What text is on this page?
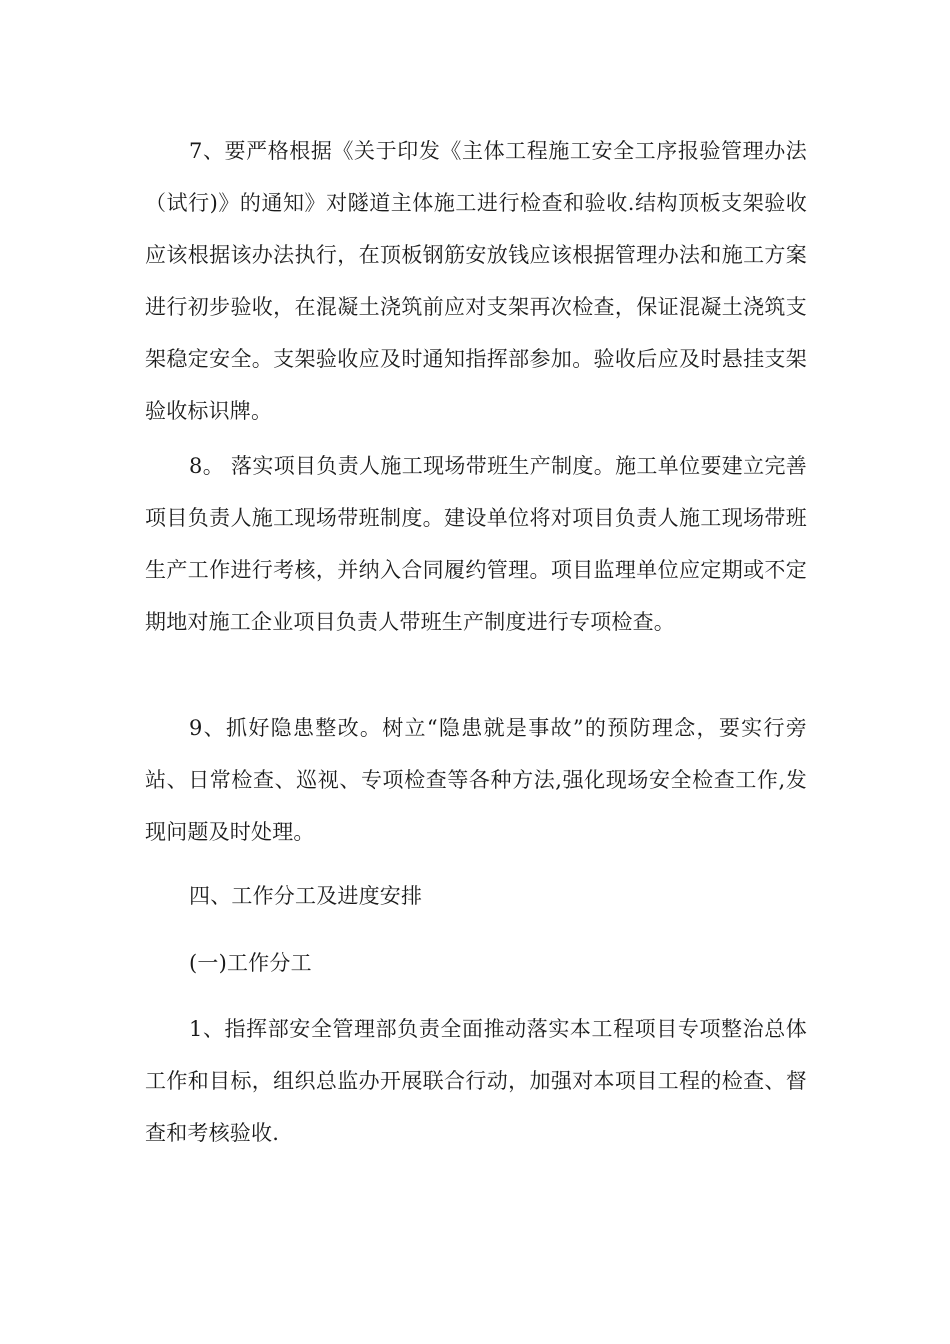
7、要严格根据《关于印发《主体工程施工安全工序报验管理办法（试行)》的通知》对隧道主体施工进行检查和验收.结构顶板支架验收应该根据该办法执行，在顶板钢筋安放钱应该根据管理办法和施工方案进行初步验收，在混凝土浇筑前应对支架再次检查，保证混凝土浇筑支架稳定安全。支架验收应及时通知指挥部参加。验收后应及时悬挂支架验收标识牌。

8。 落实项目负责人施工现场带班生产制度。施工单位要建立完善项目负责人施工现场带班制度。建设单位将对项目负责人施工现场带班生产工作进行考核，并纳入合同履约管理。项目监理单位应定期或不定期地对施工企业项目负责人带班生产制度进行专项检查。

9、抓好隐患整改。树立“隐患就是事故”的预防理念，要实行旁站、日常检查、巡视、专项检查等各种方法,强化现场安全检查工作,发现问题及时处理。

四、工作分工及进度安排

(一)工作分工

1、指挥部安全管理部负责全面推动落实本工程项目专项整治总体工作和目标，组织总监办开展联合行动，加强对本项目工程的检查、督查和考核验收.
